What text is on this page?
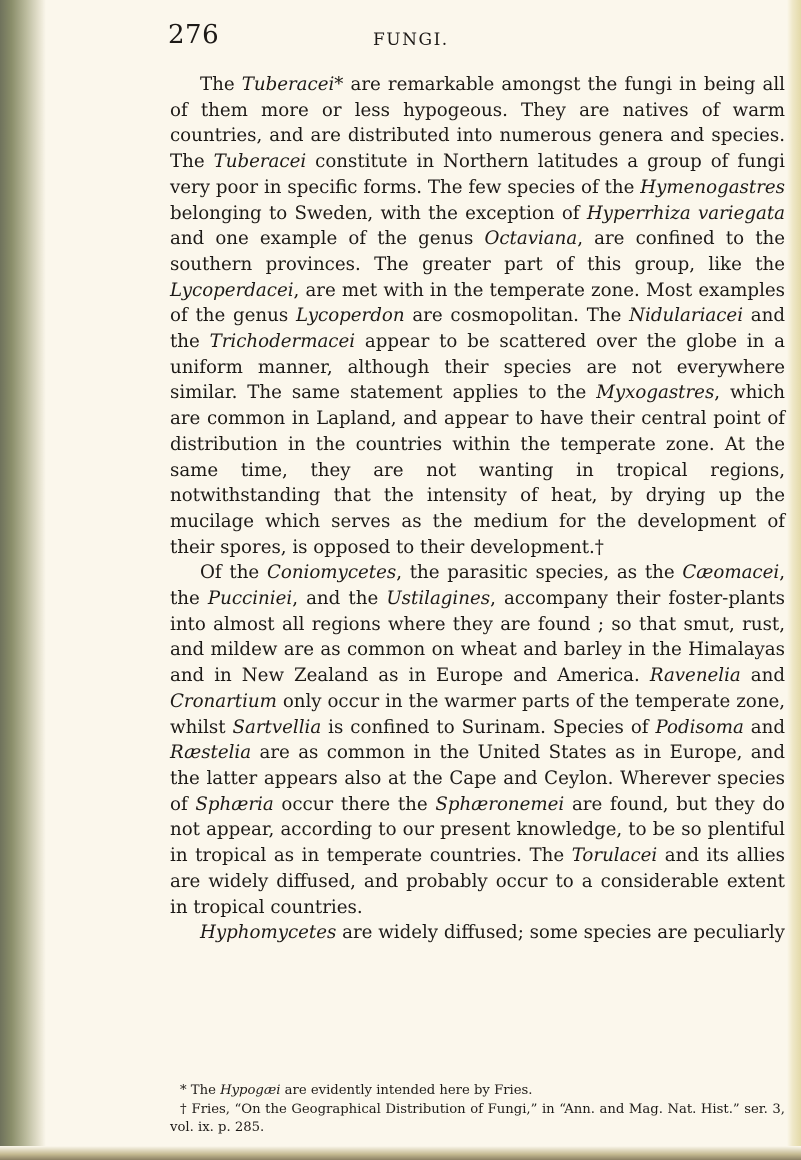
276	FUNGI.

The Tuberacei* are remarkable amongst the fungi in being all of them more or less hypogeous. They are natives of warm countries, and are distributed into numerous genera and species. The Tuberacei constitute in Northern latitudes a group of fungi very poor in specific forms. The few species of the Hymenogastres belonging to Sweden, with the exception of Hyperrhiza variegata and one example of the genus Octaviana, are confined to the southern provinces. The greater part of this group, like the Lycoperdacei, are met with in the temperate zone. Most examples of the genus Lycoperdon are cosmopolitan. The Nidulariacei and the Trichodermacei appear to be scattered over the globe in a uniform manner, although their species are not everywhere similar. The same statement applies to the Myxogastres, which are common in Lapland, and appear to have their central point of distribution in the countries within the temperate zone. At the same time, they are not wanting in tropical regions, notwithstanding that the intensity of heat, by drying up the mucilage which serves as the medium for the development of their spores, is opposed to their development.†

Of the Coniomycetes, the parasitic species, as the Cæomacei, the Pucciniei, and the Ustilagines, accompany their foster-plants into almost all regions where they are found ; so that smut, rust, and mildew are as common on wheat and barley in the Himalayas and in New Zealand as in Europe and America. Ravenelia and Cronartium only occur in the warmer parts of the temperate zone, whilst Sartvellia is confined to Surinam. Species of Podisoma and Ræstelia are as common in the United States as in Europe, and the latter appears also at the Cape and Ceylon. Wherever species of Sphæria occur there the Sphæronemei are found, but they do not appear, according to our present knowledge, to be so plentiful in tropical as in temperate countries. The Torulacei and its allies are widely diffused, and probably occur to a considerable extent in tropical countries.

Hyphomycetes are widely diffused; some species are peculiarly

* The Hypogæi are evidently intended here by Fries.

† Fries, “On the Geographical Distribution of Fungi,” in “Ann. and Mag. Nat. Hist.” ser. 3, vol. ix. p. 285.
